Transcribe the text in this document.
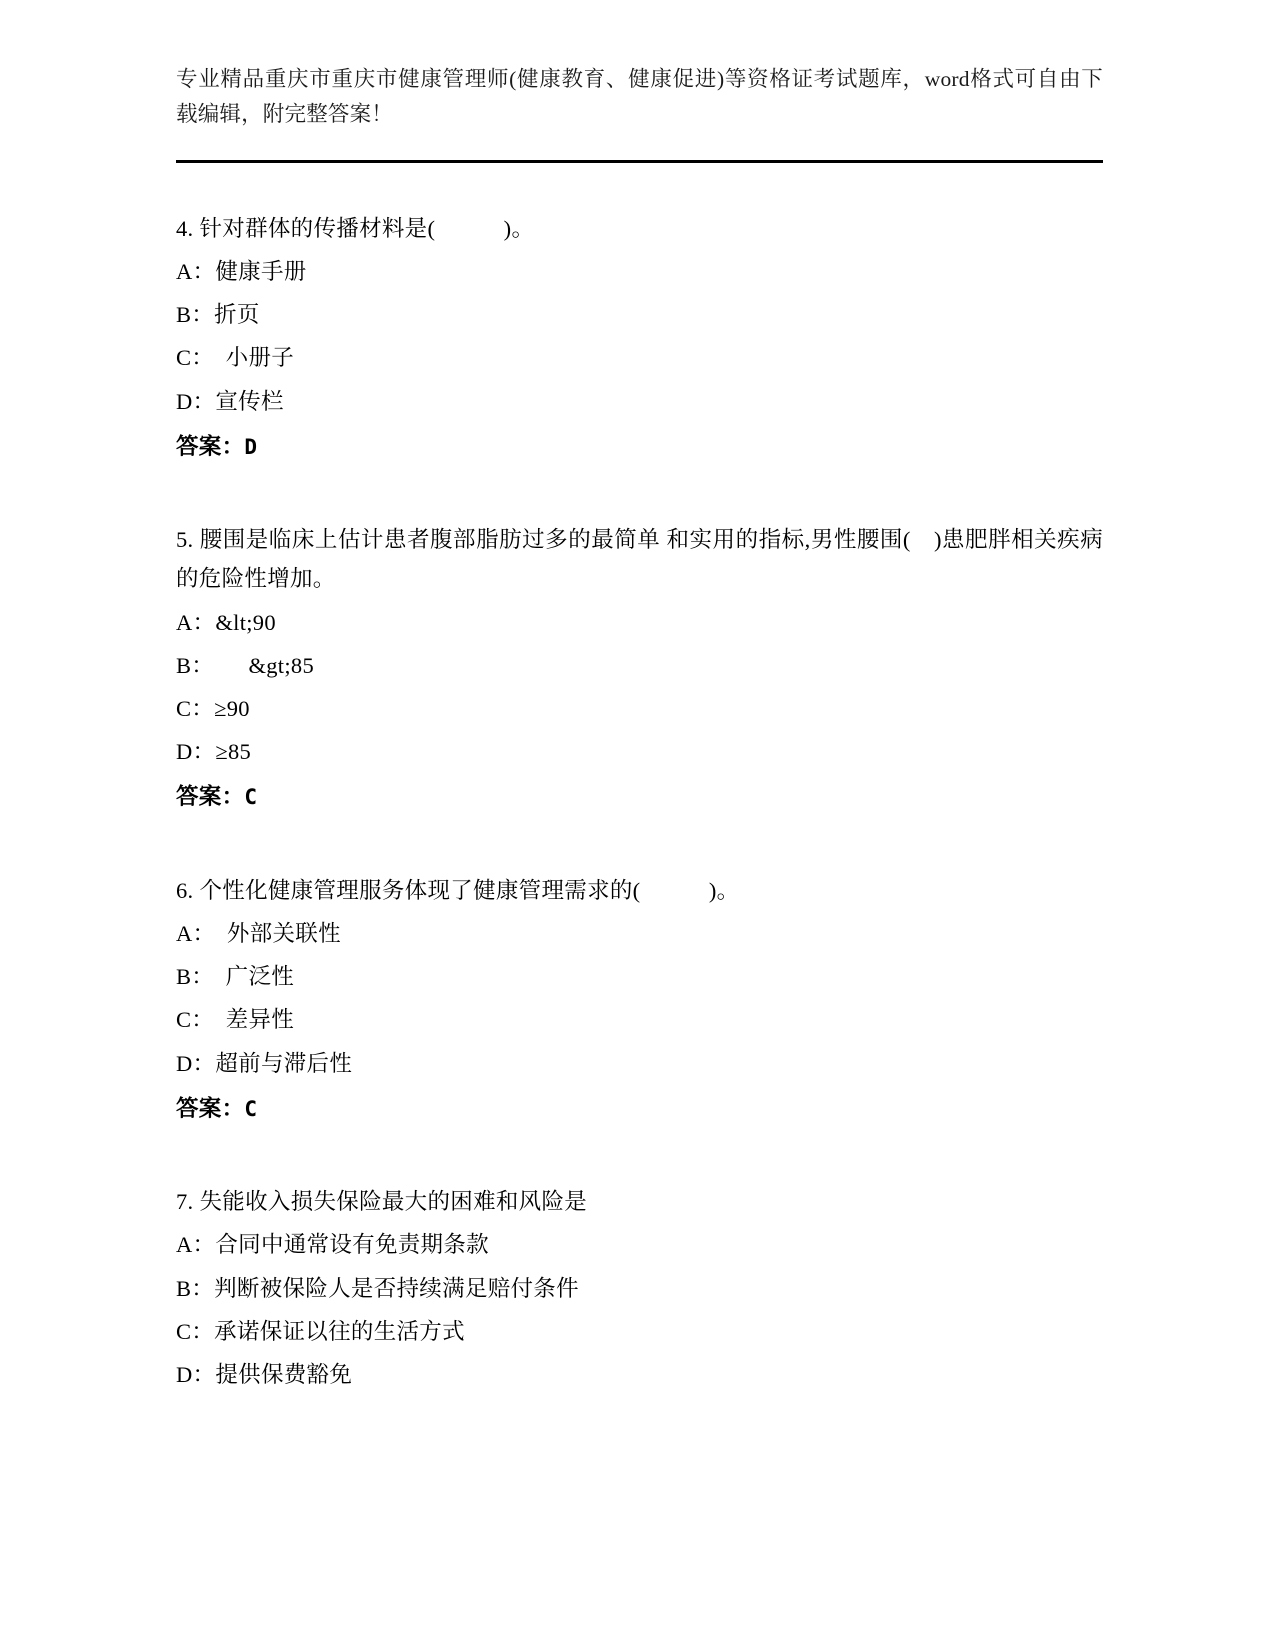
专业精品重庆市重庆市健康管理师(健康教育、健康促进)等资格证考试题库，word格式可自由下载编辑，附完整答案！
4. 针对群体的传播材料是(　　　)。
A：健康手册
B：折页
C：　小册子
D：宣传栏
答案：D
5. 腰围是临床上估计患者腹部脂肪过多的最简单 和实用的指标,男性腰围(　)患肥胖相关疾病的危险性增加。
A：&lt;90
B：　　&gt;85
C：≥90
D：≥85
答案：C
6. 个性化健康管理服务体现了健康管理需求的(　　　)。
A：　外部关联性
B：　广泛性
C：　差异性
D：超前与滞后性
答案：C
7. 失能收入损失保险最大的困难和风险是
A：合同中通常设有免责期条款
B：判断被保险人是否持续满足赔付条件
C：承诺保证以往的生活方式
D：提供保费豁免
